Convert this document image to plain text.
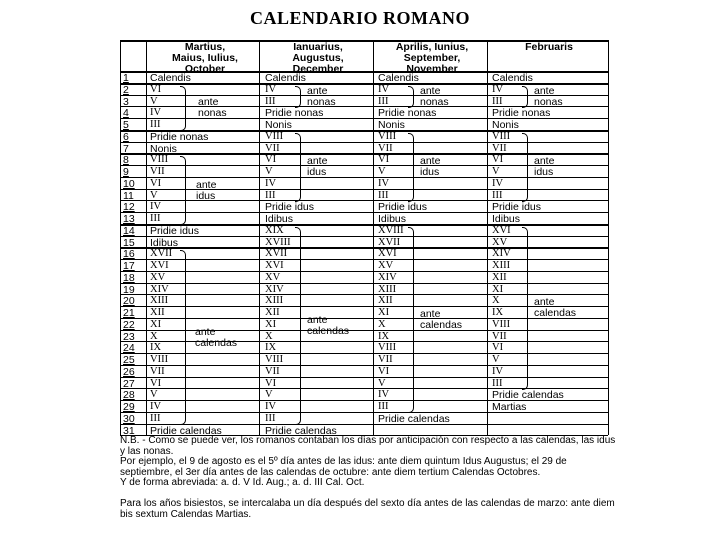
CALENDARIO ROMANO
Martius,
Maius, Iulius,
October
Ianuarius,
Augustus,
December
Aprilis, Iunius,
September,
November
Februaris
1
2
3
4
5
6
7
8
9
10
11
12
13
14
15
16
17
18
19
20
21
22
23
24
25
26
27
28
29
30
31
Calendis
VI
V
IV
III
Pridie nonas
Nonis
VIII
VII
VI
V
IV
III
Pridie idus
Idibus
XVII
XVI
XV
XIV
XIII
XII
XI
X
IX
VIII
VII
VI
V
IV
III
Pridie calendas
Calendis
IV
III
Pridie nonas
Nonis
VIII
VII
VI
V
IV
III
Pridie idus
Idibus
XIX
XVIII
XVII
XVI
XV
XIV
XIII
XII
XI
X
IX
VIII
VII
VI
V
IV
III
Pridie calendas
Calendis
IV
III
Pridie nonas
Nonis
VIII
VII
VI
V
IV
III
Pridie idus
Idibus
XVIII
XVII
XVI
XV
XIV
XIII
XII
XI
X
IX
VIII
VII
VI
V
IV
III
Pridie calendas
Calendis
IV
III
Pridie nonas
Nonis
VIII
VII
VI
V
IV
III
Pridie idus
Idibus
XVI
XV
XIV
XIII
XII
XI
X
IX
VIII
VII
VI
V
IV
III
Pridie calendas
Martias
ante
nonas
ante
idus
ante
calendas
ante
nonas
ante
idus
ante
calendas
ante
nonas
ante
idus
ante
calendas
ante
nonas
ante
idus
ante
calendas
N.B. - Como se puede ver, los romanos contaban los días por anticipación con respecto a las calendas, las idus y las nonas.
Por ejemplo, el 9 de agosto es el 5º día antes de las idus: ante diem quintum Idus Augustus; el 29 de septiembre, el 3er día antes de las calendas de octubre: ante diem tertium Calendas Octobres.
Y de forma abreviada: a. d. V Id. Aug.; a. d. III Cal. Oct.
Para los años bisiestos, se intercalaba un día después del sexto día antes de las calendas de marzo: ante diem bis sextum Calendas Martias.
